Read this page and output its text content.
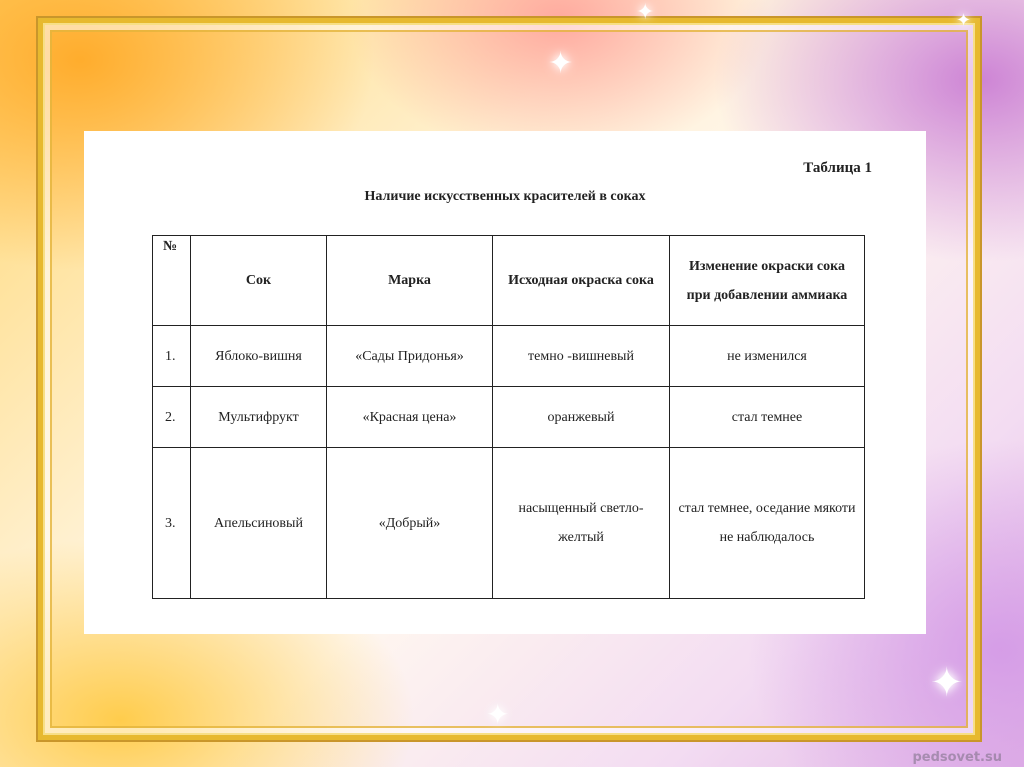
✦
✦
✦
✦
✦
Таблица 1
Наличие искусственных красителей в соках
№	Сок	Марка	Исходная окраска сока	Изменение окраски сока при добавлении аммиака
1.	Яблоко-вишня	«Сады Придонья»	темно -вишневый	не изменился
2.	Мультифрукт	«Красная цена»	оранжевый	стал темнее
3.	Апельсиновый	«Добрый»	насыщенный светло-желтый	стал темнее, оседание мякоти не наблюдалось
pedsovet.su
